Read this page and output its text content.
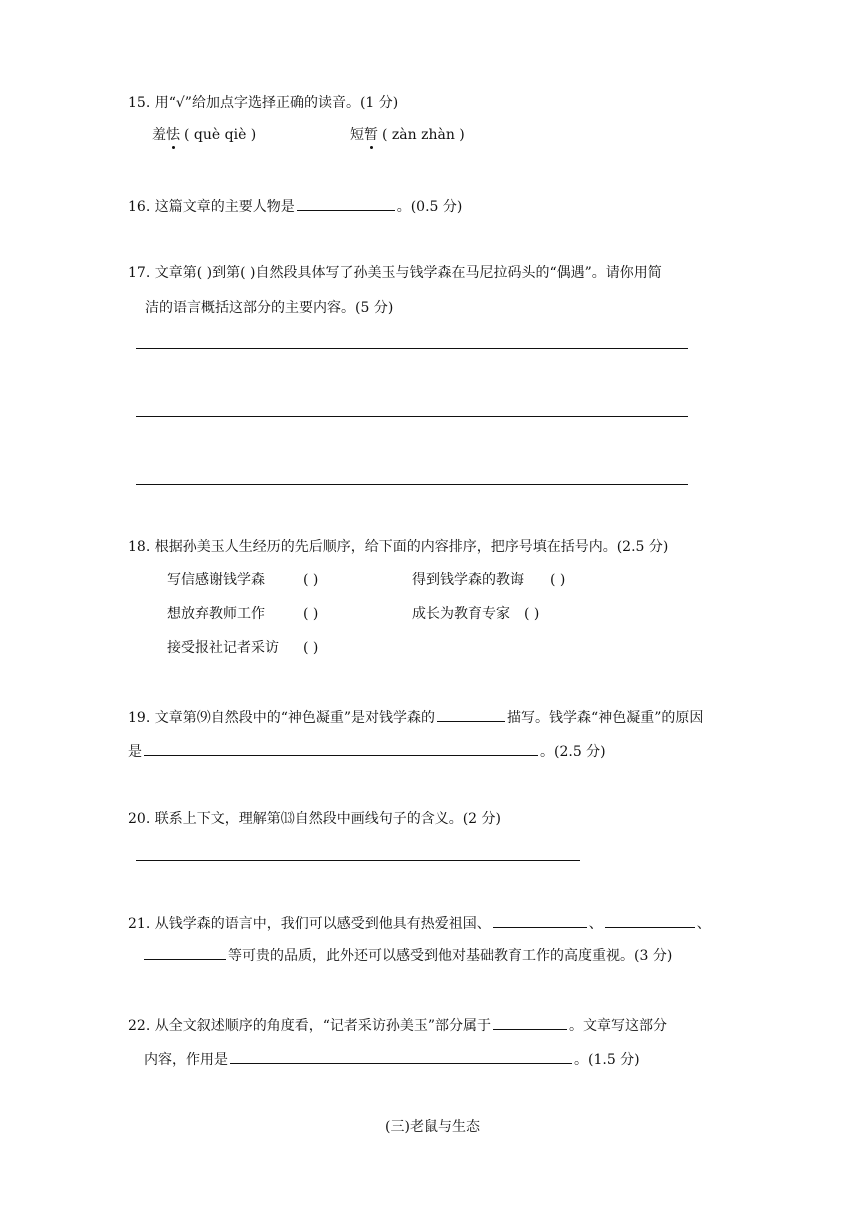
15. 用“√”给加点字选择正确的读音。(1 分)
羞怯 ( què qiè )	短暂 ( zàn zhàn )
16. 这篇文章的主要人物是	。(0.5 分)
17. 文章第( )到第( )自然段具体写了孙美玉与钱学森在马尼拉码头的“偶遇”。请你用简
洁的语言概括这部分的主要内容。(5 分)
18. 根据孙美玉人生经历的先后顺序，给下面的内容排序，把序号填在括号内。(2.5 分)
写信感谢钱学森	( )	得到钱学森的教诲 ( )
想放弃教师工作	( )	成长为教育专家 ( )
接受报社记者采访 ( )
19. 文章第⑼自然段中的“神色凝重”是对钱学森的	描写。钱学森“神色凝重”的原因
是	。(2.5 分)
20. 联系上下文，理解第⒀自然段中画线句子的含义。(2 分)
21. 从钱学森的语言中，我们可以感受到他具有热爱祖国、	、	、
等可贵的品质，此外还可以感受到他对基础教育工作的高度重视。(3 分)
22. 从全文叙述顺序的角度看，“记者采访孙美玉”部分属于	。文章写这部分
内容，作用是	。(1.5 分)
(三)老鼠与生态
